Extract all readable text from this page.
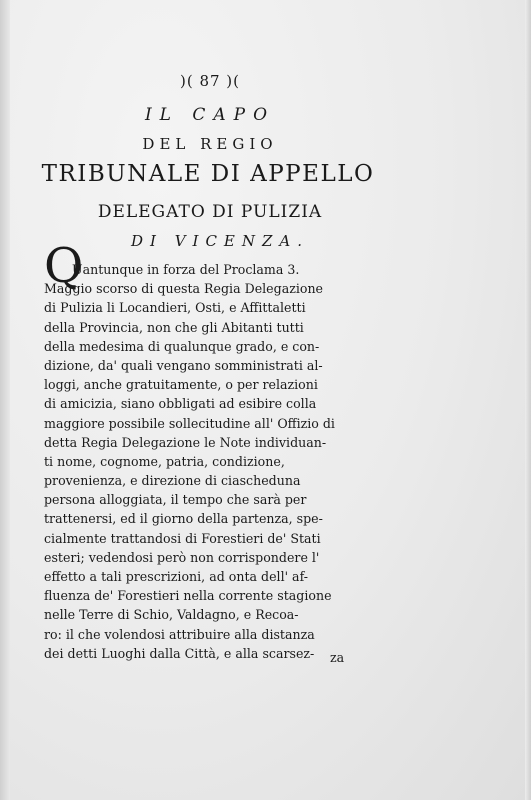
)( 87 )(
IL CAPO
DEL REGIO
TRIBUNALE DI APPELLO
DELEGATO DI PULIZIA
DI VICENZA.
Q
Uantunque in forza del Proclama 3.
Maggio scorso di questa Regia Delegazione
di Pulizia li Locandieri, Osti, e Affittaletti
della Provincia, non che gli Abitanti tutti
della medesima di qualunque grado, e con-
dizione, da' quali vengano somministrati al-
loggi, anche gratuitamente, o per relazioni
di amicizia, siano obbligati ad esibire colla
maggiore possibile sollecitudine all' Offizio di
detta Regia Delegazione le Note individuan-
ti nome, cognome, patria, condizione,
provenienza, e direzione di ciascheduna
persona alloggiata, il tempo che sarà per
trattenersi, ed il giorno della partenza, spe-
cialmente trattandosi di Forestieri de' Stati
esteri; vedendosi però non corrispondere l'
effetto a tali prescrizioni, ad onta dell' af-
fluenza de' Forestieri nella corrente stagione
nelle Terre di Schio, Valdagno, e Recoa-
ro: il che volendosi attribuire alla distanza
dei detti Luoghi dalla Città, e alla scarsez-	za
